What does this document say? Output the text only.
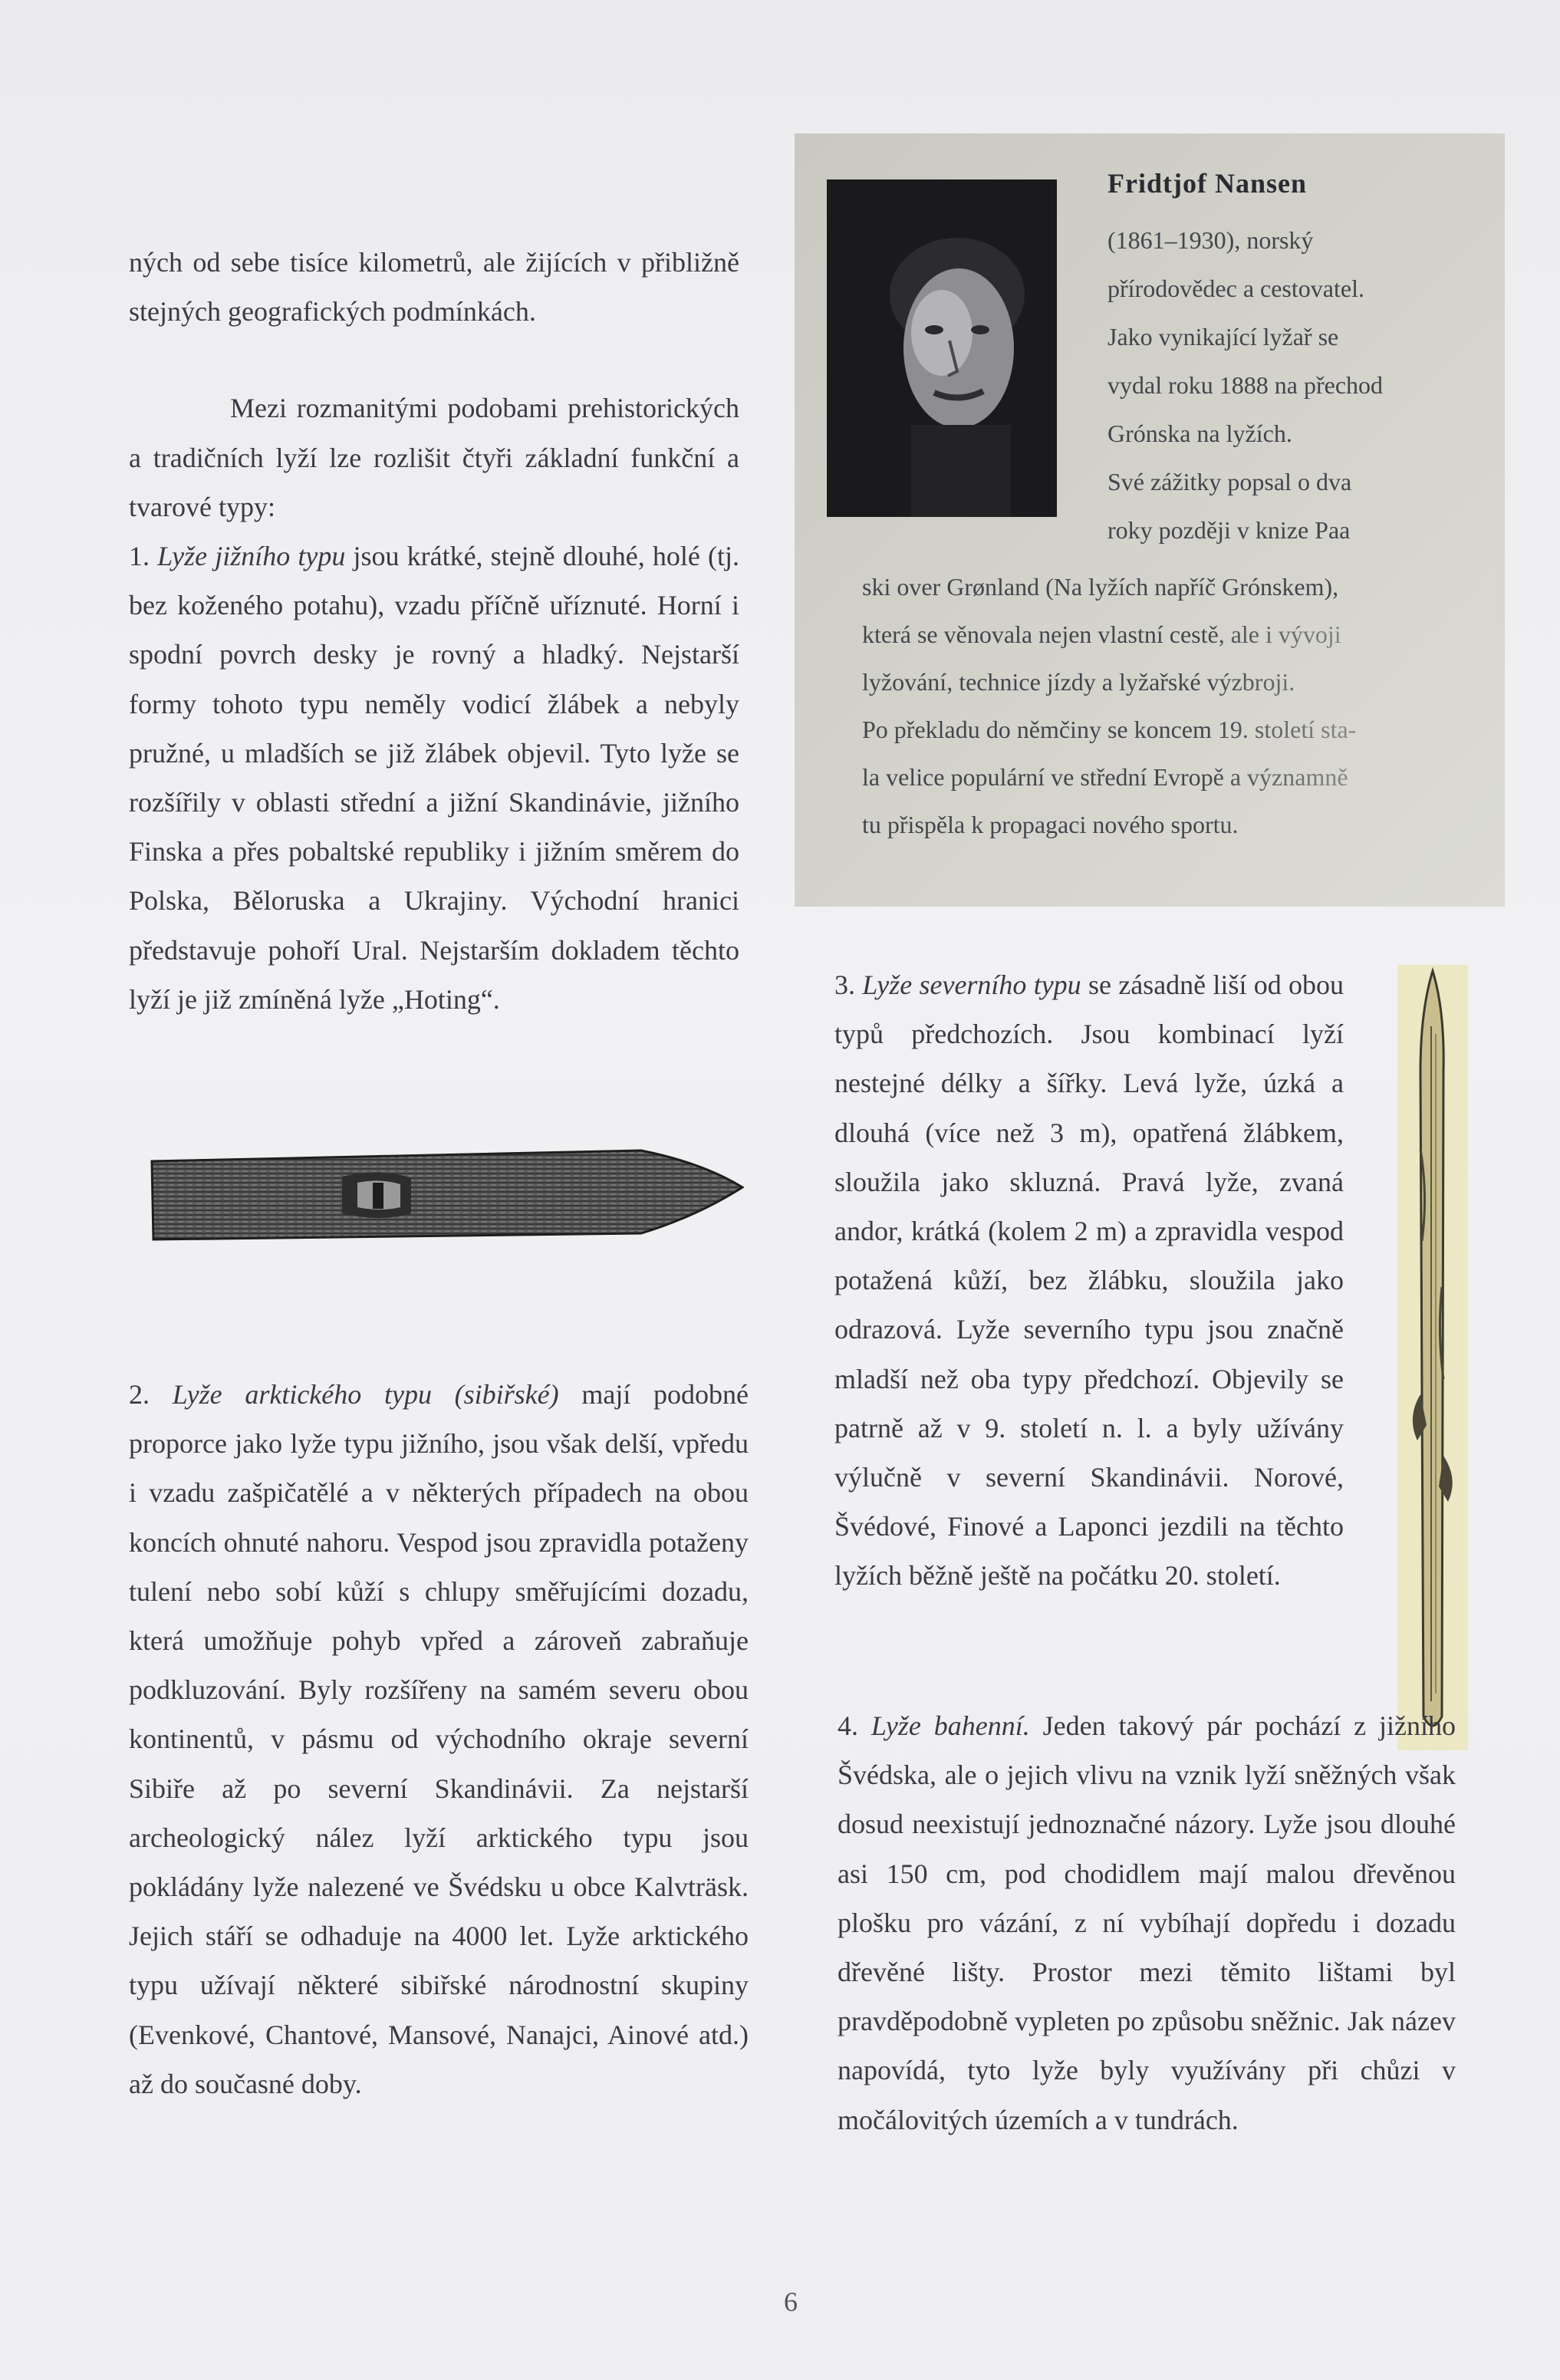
ných od sebe tisíce kilometrů, ale žijících v přibližně stejných geografických podmínkách.

Mezi rozmanitými podobami prehistorických a tradičních lyží lze rozlišit čtyři základní funkční a tvarové typy:

1. Lyže jižního typu jsou krátké, stejně dlouhé, holé (tj. bez koženého potahu), vzadu příčně uříznuté. Horní i spodní povrch desky je rovný a hladký. Nejstarší formy tohoto typu neměly vodicí žlábek a nebyly pružné, u mladších se již žlábek objevil. Tyto lyže se rozšířily v oblasti střední a jižní Skandinávie, jižního Finska a přes pobaltské republiky i jižním směrem do Polska, Běloruska a Ukrajiny. Východní hranici představuje pohoří Ural. Nejstarším dokladem těchto lyží je již zmíněná lyže „Hoting“.

2. Lyže arktického typu (sibiřské) mají podobné proporce jako lyže typu jižního, jsou však delší, vpředu i vzadu zašpičatělé a v některých případech na obou koncích ohnuté nahoru. Vespod jsou zpravidla potaženy tulení nebo sobí kůží s chlupy směřujícími dozadu, která umožňuje pohyb vpřed a zároveň zabraňuje podkluzování. Byly rozšířeny na samém severu obou kontinentů, v pásmu od východního okraje severní Sibiře až po severní Skandinávii. Za nejstarší archeologický nález lyží arktického typu jsou pokládány lyže nalezené ve Švédsku u obce Kalvträsk. Jejich stáří se odhaduje na 4000 let. Lyže arktického typu užívají některé sibiřské národnostní skupiny (Evenkové, Chantové, Mansové, Nanajci, Ainové atd.) až do současné doby.

Fridtjof Nansen

(1861–1930), norský

přírodovědec a cestovatel.

Jako vynikající lyžař se

vydal roku 1888 na přechod

Grónska na lyžích.

Své zážitky popsal o dva

roky později v knize Paa

ski over Grønland (Na lyžích napříč Grónskem),

která se věnovala nejen vlastní cestě, ale i vývoji

lyžování, technice jízdy a lyžařské výzbroji.

Po překladu do němčiny se koncem 19. století sta-

la velice populární ve střední Evropě a významně

tu přispěla k propagaci nového sportu.

3. Lyže severního typu se zásadně liší od obou typů předchozích. Jsou kombinací lyží nestejné délky a šířky. Levá lyže, úzká a dlouhá (více než 3 m), opatřená žlábkem, sloužila jako skluzná. Pravá lyže, zvaná andor, krátká (kolem 2 m) a zpravidla vespod potažená kůží, bez žlábku, sloužila jako odrazová. Lyže severního typu jsou značně mladší než oba typy předchozí. Objevily se patrně až v 9. století n. l. a byly užívány výlučně v severní Skandinávii. Norové, Švédové, Finové a Laponci jezdili na těchto lyžích běžně ještě na počátku 20. století.

4. Lyže bahenní. Jeden takový pár pochází z jižního Švédska, ale o jejich vlivu na vznik lyží sněžných však dosud neexistují jednoznačné názory. Lyže jsou dlouhé asi 150 cm, pod chodidlem mají malou dřevěnou plošku pro vázání, z ní vybíhají dopředu i dozadu dřevěné lišty. Prostor mezi těmito lištami byl pravděpodobně vypleten po způsobu sněžnic. Jak název napovídá, tyto lyže byly využívány při chůzi v močálovitých územích a v tundrách.

6
